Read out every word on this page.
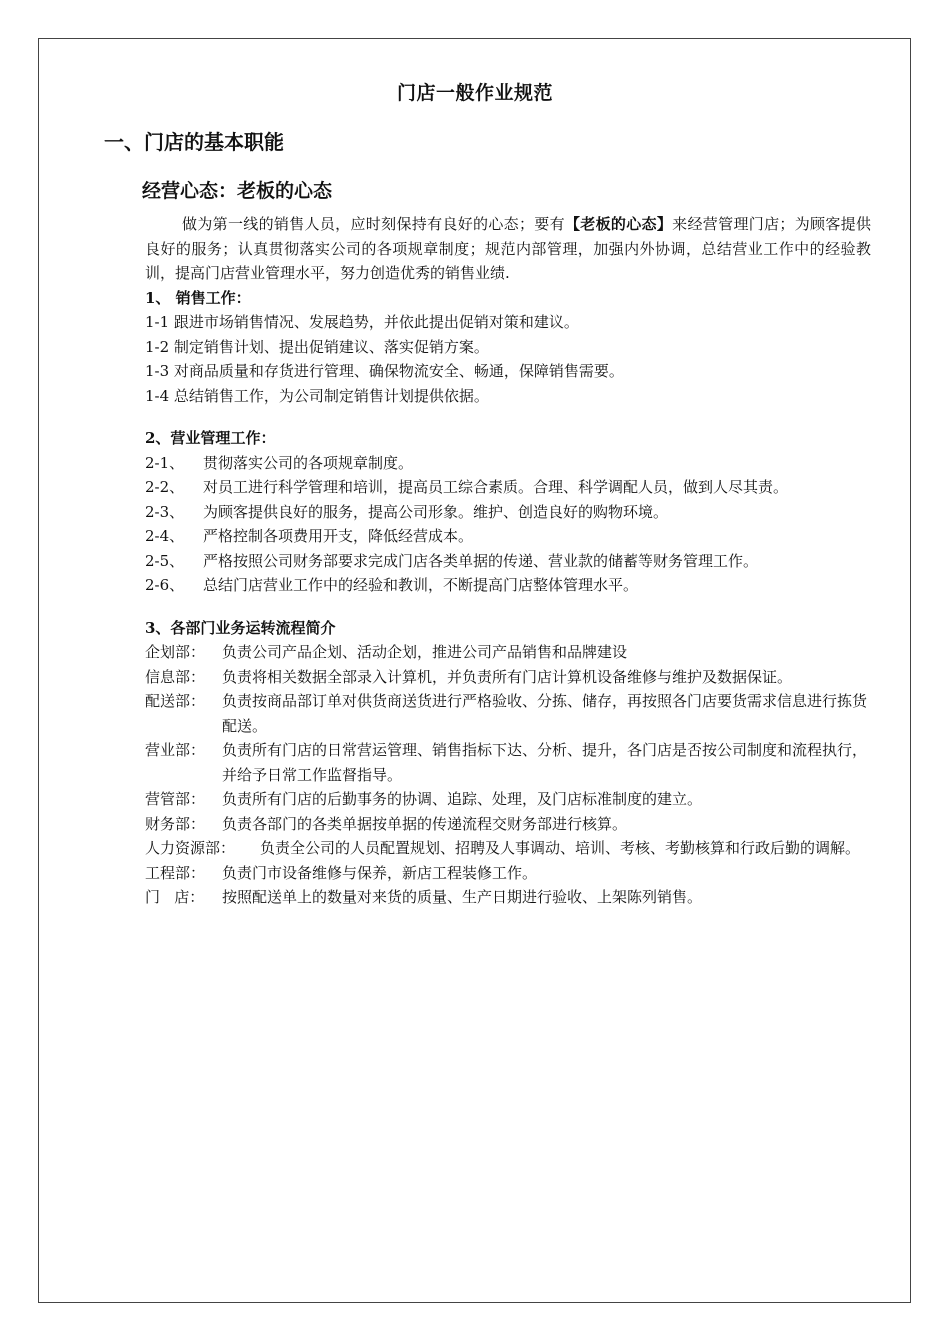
门店一般作业规范
一、门店的基本职能
经营心态：老板的心态

做为第一线的销售人员，应时刻保持有良好的心态；要有【老板的心态】来经营管理门店；为顾客提供良好的服务；认真贯彻落实公司的各项规章制度；规范内部管理，加强内外协调，总结营业工作中的经验教训，提高门店营业管理水平，努力创造优秀的销售业绩.

1、 销售工作：

1-1 跟进市场销售情况、发展趋势，并依此提出促销对策和建议。

1-2 制定销售计划、提出促销建议、落实促销方案。

1-3 对商品质量和存货进行管理、确保物流安全、畅通，保障销售需要。

1-4 总结销售工作，为公司制定销售计划提供依据。

2、营业管理工作：

2-1、	贯彻落实公司的各项规章制度。
2-2、	对员工进行科学管理和培训，提高员工综合素质。合理、科学调配人员，做到人尽其责。
2-3、	为顾客提供良好的服务，提高公司形象。维护、创造良好的购物环境。
2-4、	严格控制各项费用开支，降低经营成本。
2-5、	严格按照公司财务部要求完成门店各类单据的传递、营业款的储蓄等财务管理工作。
2-6、	总结门店营业工作中的经验和教训，不断提高门店整体管理水平。

3、各部门业务运转流程简介

企划部：	负责公司产品企划、活动企划，推进公司产品销售和品牌建设
信息部：	负责将相关数据全部录入计算机，并负责所有门店计算机设备维修与维护及数据保证。
配送部：	负责按商品部订单对供货商送货进行严格验收、分拣、储存，再按照各门店要货需求信息进行拣货配送。
营业部：	负责所有门店的日常营运管理、销售指标下达、分析、提升，各门店是否按公司制度和流程执行，并给予日常工作监督指导。
营管部：	负责所有门店的后勤事务的协调、追踪、处理，及门店标准制度的建立。
财务部：	负责各部门的各类单据按单据的传递流程交财务部进行核算。
人力资源部：	负责全公司的人员配置规划、招聘及人事调动、培训、考核、考勤核算和行政后勤的调解。
工程部：	负责门市设备维修与保养，新店工程装修工作。
门   店：	按照配送单上的数量对来货的质量、生产日期进行验收、上架陈列销售。
